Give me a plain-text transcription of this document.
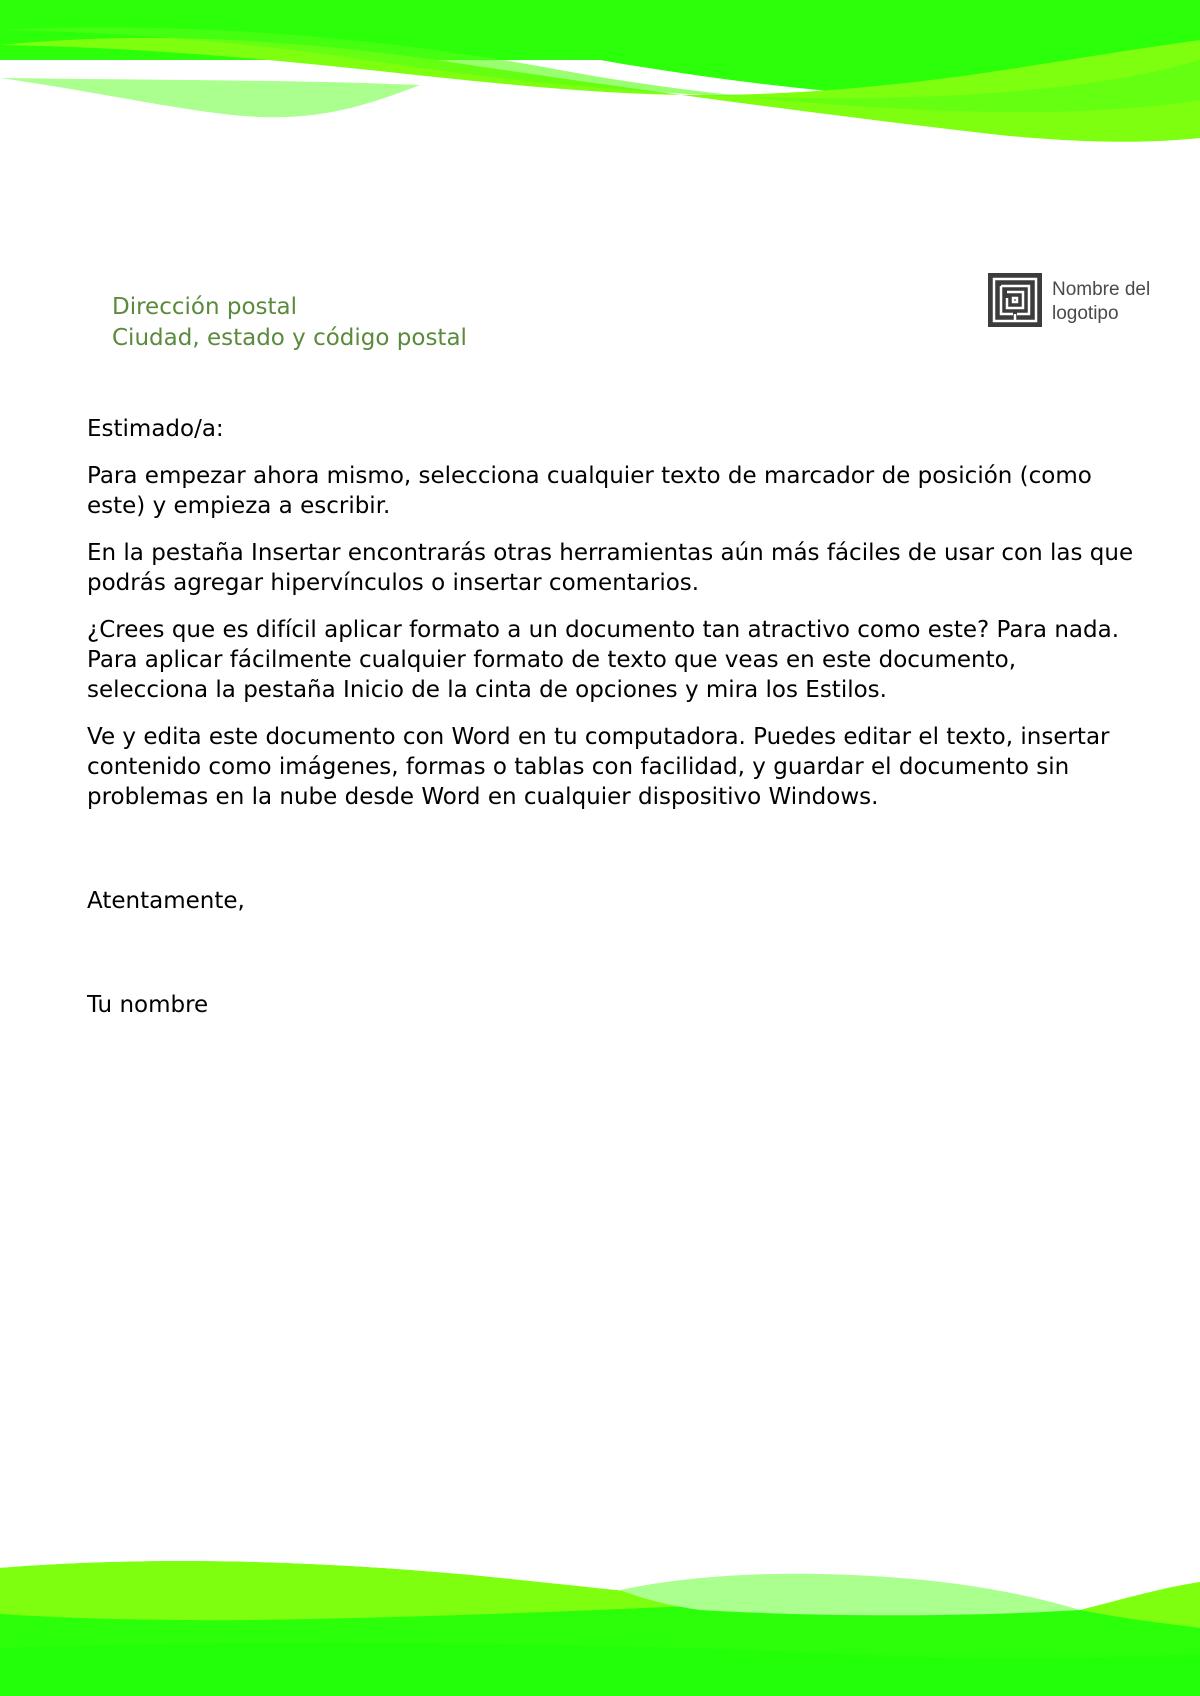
Dirección postal
Ciudad, estado y código postal
Nombre del logotipo

Estimado/a:

Para empezar ahora mismo, selecciona cualquier texto de marcador de posición (como este) y empieza a escribir.

En la pestaña Insertar encontrarás otras herramientas aún más fáciles de usar con las que podrás agregar hipervínculos o insertar comentarios.

¿Crees que es difícil aplicar formato a un documento tan atractivo como este? Para nada. Para aplicar fácilmente cualquier formato de texto que veas en este documento, selecciona la pestaña Inicio de la cinta de opciones y mira los Estilos.

Ve y edita este documento con Word en tu computadora. Puedes editar el texto, insertar contenido como imágenes, formas o tablas con facilidad, y guardar el documento sin problemas en la nube desde Word en cualquier dispositivo Windows.

Atentamente,
Tu nombre
